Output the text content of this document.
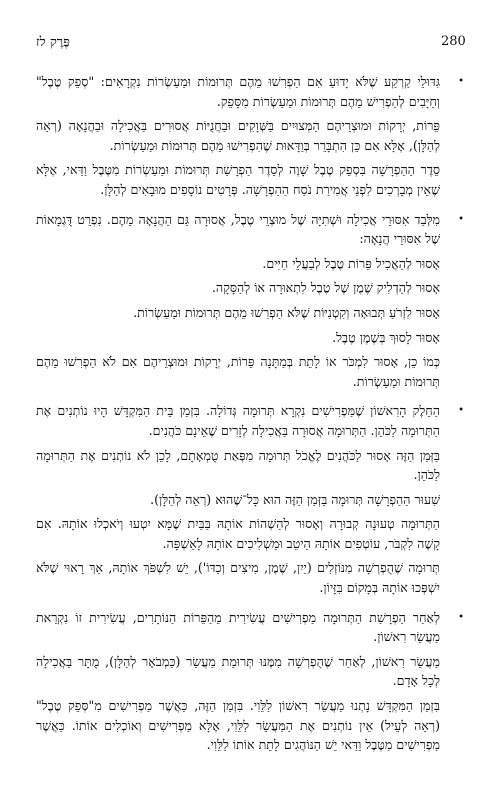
280
פֶּרֶק לז
•

גִּדּוּלֵי קַרְקַע שֶׁלֹּא יָדוּעַ אִם הַפְרִשׁוּ מֵהֶם תְּרוּמוֹת וּמַעַשְׂרוֹת נִקְרָאִים: "סְפֵק טֶבֶל" וְחַיָּבִים לְהַפְרִישׁ מֵהֶם תְּרוּמוֹת וּמַעַשְׂרוֹת מִסָּפֵק.

פֵּרוֹת, יְרָקוֹת וּמוּצְרֵיהֶם הַמְּצוּיִים בַּשְּׁוָקִים וּבַחֲנֻיּוֹת אֲסוּרִים בַּאֲכִילָה וּבַהֲנָאָה (רְאֵה לְהַלָּן), אֶלָּא אִם כֵּן הִתְבָּרֵר בְּוַדָּאוּת שֶׁהִפְרִישׁוּ מֵהֶם תְּרוּמוֹת וּמַעַשְׂרוֹת.

סֵדֶר הַהַפְרָשָׁה בִּסְפֵק טֶבֶל שָׁוֶה לְסֵדֶר הַפְרָשַׁת תְּרוּמוֹת וּמַעַשְׂרוֹת מִטֶּבֶל וַדַּאי, אֶלָּא שֶׁאֵין מְבָרְכִים לִפְנֵי אֲמִירַת נֹסַח הַהַפְרָשָׁה. פְּרָטִים נוֹסָפִים מוּבָאִים לְהַלָּן.

•

מִלְּבַד אִסּוּרֵי אֲכִילָה וּשְׁתִיָּה שֶׁל מוּצְרֵי טֶבֶל, אֲסוּרָה גַּם הַהֲנָאָה מֵהֶם. נִפְרֵט דֻּגְמָאוֹת שֶׁל אִסּוּרֵי הֲנָאָה:

אָסוּר לְהַאֲכִיל פֵּרוֹת טֶבֶל לְבַעֲלֵי חַיִּים.

אָסוּר לְהַדְלִיק שֶׁמֶן שֶׁל טֶבֶל לִתְאוּרָה אוֹ לְהַסָּקָה.

אָסוּר לִזְרֹעַ תְּבוּאָה וְקִטְנִיּוֹת שֶׁלֹּא הַפְרִשׁוּ מֵהֶם תְּרוּמוֹת וּמַעַשְׂרוֹת.

אָסוּר לָסוּךְ בְּשֶׁמֶן טֶבֶל.

כְּמוֹ כֵן, אָסוּר לִמְכֹּר אוֹ לָתֵת בְּמַתָּנָה פֵּרוֹת, יְרָקוֹת וּמוּצְרֵיהֶם אִם לֹא הַפְרִשׁוּ מֵהֶם תְּרוּמוֹת וּמַעַשְׂרוֹת.

•

הַחֵלֶק הָרִאשׁוֹן שֶׁמַּפְרִישִׁים נִקְרָא תְּרוּמָה גְּדוֹלָה. בִּזְמַן בֵּית הַמִּקְדָּשׁ הָיוּ נוֹתְנִים אֶת הַתְּרוּמָה לַכֹּהֵן. הַתְּרוּמָה אֲסוּרָה בַּאֲכִילָה לְזָרִים שֶׁאֵינָם כֹּהֲנִים.

בַּזְּמַן הַזֶּה אָסוּר לַכֹּהֲנִים לֶאֱכֹל תְּרוּמָה מִפְּאַת טֻמְאָתָם, לָכֵן לֹא נוֹתְנִים אֶת הַתְּרוּמָה לַכֹּהֵן.

שִׁעוּר הַהַפְרָשָׁה תְּרוּמָה בַּזְּמַן הַזֶּה הוּא כָּל־שֶׁהוּא (רְאֵה לְהַלָּן).

הַתְּרוּמָה טְעוּנָה קְבוּרָה וְאָסוּר לְהַשְׁהוֹת אוֹתָהּ בַּבַּיִת שֶׁמָּא יִטְעוּ וְיֹאכְלוּ אוֹתָהּ. אִם קָשֶׁה לִקְבֹּר, עוֹטְפִים אוֹתָהּ הֵיטֵב וּמַשְׁלִיכִים אוֹתָהּ לָאַשְׁפָּה.

תְּרוּמָה שֶׁהֻפְרְשָׁה מִנּוֹזְלִים (יַיִן, שֶׁמֶן, מִיצִים וְכַדּוֹ'), יֵשׁ לִשְׁפֹּךְ אוֹתָהּ, אַךְ רָאוּי שֶׁלֹּא יִשְׁפְּכוּ אוֹתָהּ בְּמָקוֹם בִּזָּיוֹן.

•

לְאַחַר הַפְרָשַׁת הַתְּרוּמָה מַפְרִישִׁים עֲשִׂירִית מֵהַפֵּרוֹת הַנּוֹתָרִים, עֲשִׂירִית זוֹ נִקְרֵאת מַעֲשֵׂר רִאשׁוֹן.

מַעֲשֵׂר רִאשׁוֹן, לְאַחַר שֶׁהֻפְרְשָׁה מִמֶּנּוּ תְּרוּמַת מַעֲשֵׂר (כַּמְבֹאָר לְהַלָּן), מֻתָּר בַּאֲכִילָה לְכָל אָדָם.

בִּזְמַן הַמִּקְדָּשׁ נָתְנוּ מַעֲשֵׂר רִאשׁוֹן לַלֵּוִי. בִּזְמַן הַזֶּה, כַּאֲשֶׁר מַפְרִישִׁים מִ"סְּפֵק טֶבֶל" (רְאֵה לְעֵיל) אֵין נוֹתְנִים אֶת הַמַּעֲשֵׂר לַלֵּוִי, אֶלָּא מַפְרִישִׁים וְאוֹכְלִים אוֹתוֹ. כַּאֲשֶׁר מַפְרִישִׁים מִטֶּבֶל וַדַּאי יֵשׁ הַנּוֹהֲגִים לָתֵת אוֹתוֹ לַלֵּוִי.
